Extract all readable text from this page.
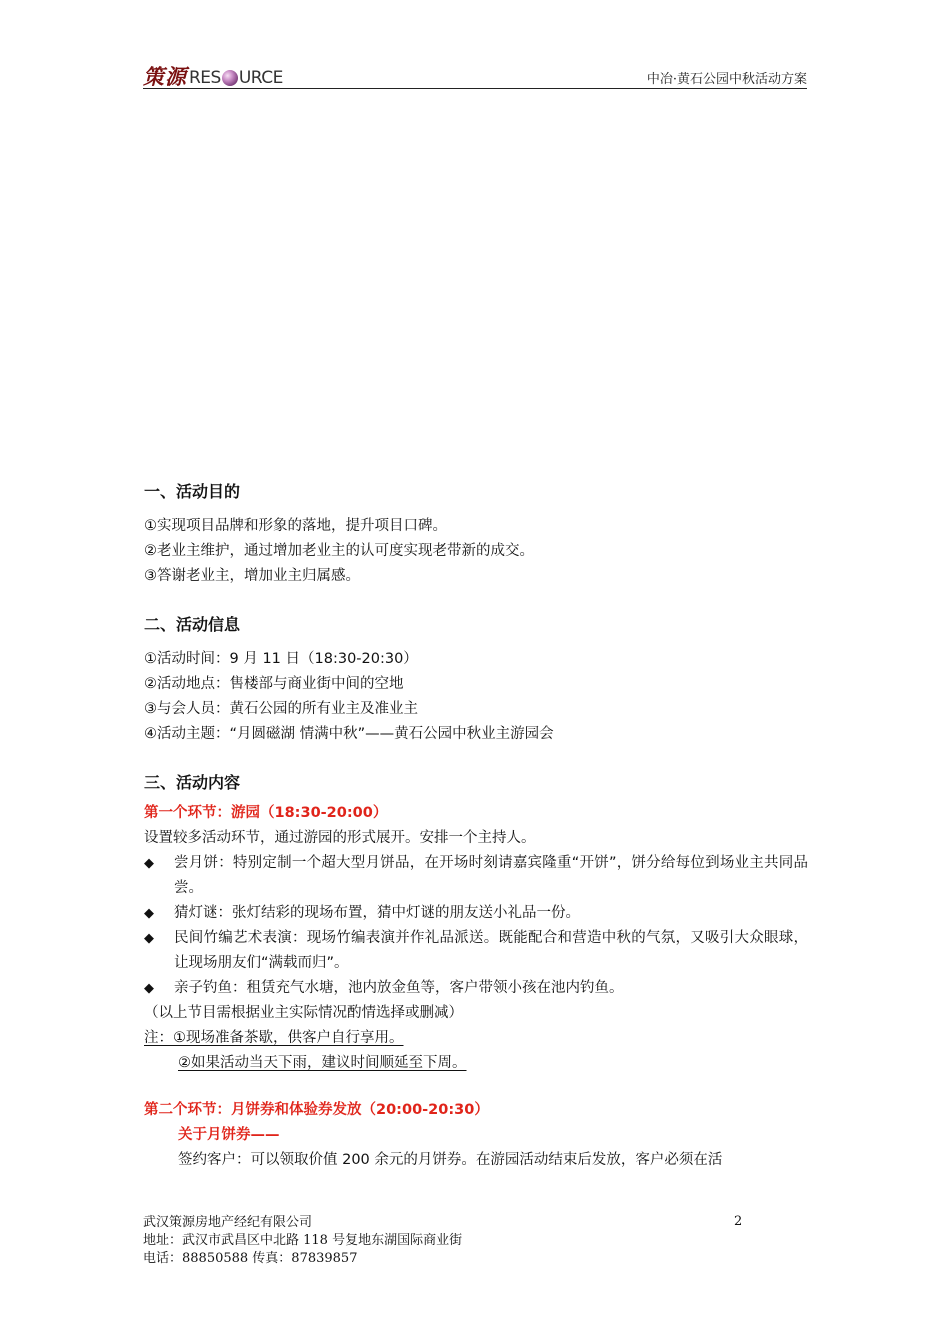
策源 RES URCE	中冶·黄石公园中秋活动方案

一、活动目的

①实现项目品牌和形象的落地，提升项目口碑。

②老业主维护，通过增加老业主的认可度实现老带新的成交。

③答谢老业主，增加业主归属感。

二、活动信息

①活动时间：9 月 11 日（18:30-20:30）

②活动地点：售楼部与商业街中间的空地

③与会人员：黄石公园的所有业主及准业主

④活动主题：“月圆磁湖 情满中秋”——黄石公园中秋业主游园会

三、活动内容

第一个环节：游园（18:30-20:00）

设置较多活动环节，通过游园的形式展开。安排一个主持人。

◆	尝月饼：特别定制一个超大型月饼品，在开场时刻请嘉宾隆重“开饼”，饼分给每位到场业主共同品尝。
◆	猜灯谜：张灯结彩的现场布置，猜中灯谜的朋友送小礼品一份。
◆	民间竹编艺术表演：现场竹编表演并作礼品派送。既能配合和营造中秋的气氛，又吸引大众眼球，让现场朋友们“满载而归”。
◆	亲子钓鱼：租赁充气水塘，池内放金鱼等，客户带领小孩在池内钓鱼。

（以上节目需根据业主实际情况酌情选择或删减）

注：①现场准备茶歇，供客户自行享用。

②如果活动当天下雨，建议时间顺延至下周。

第二个环节：月饼券和体验券发放（20:00-20:30）

关于月饼券——

签约客户：可以领取价值 200 余元的月饼券。在游园活动结束后发放，客户必须在活

武汉策源房地产经纪有限公司
地址：武汉市武昌区中北路 118 号复地东湖国际商业街
电话：88850588 传真：87839857
2
